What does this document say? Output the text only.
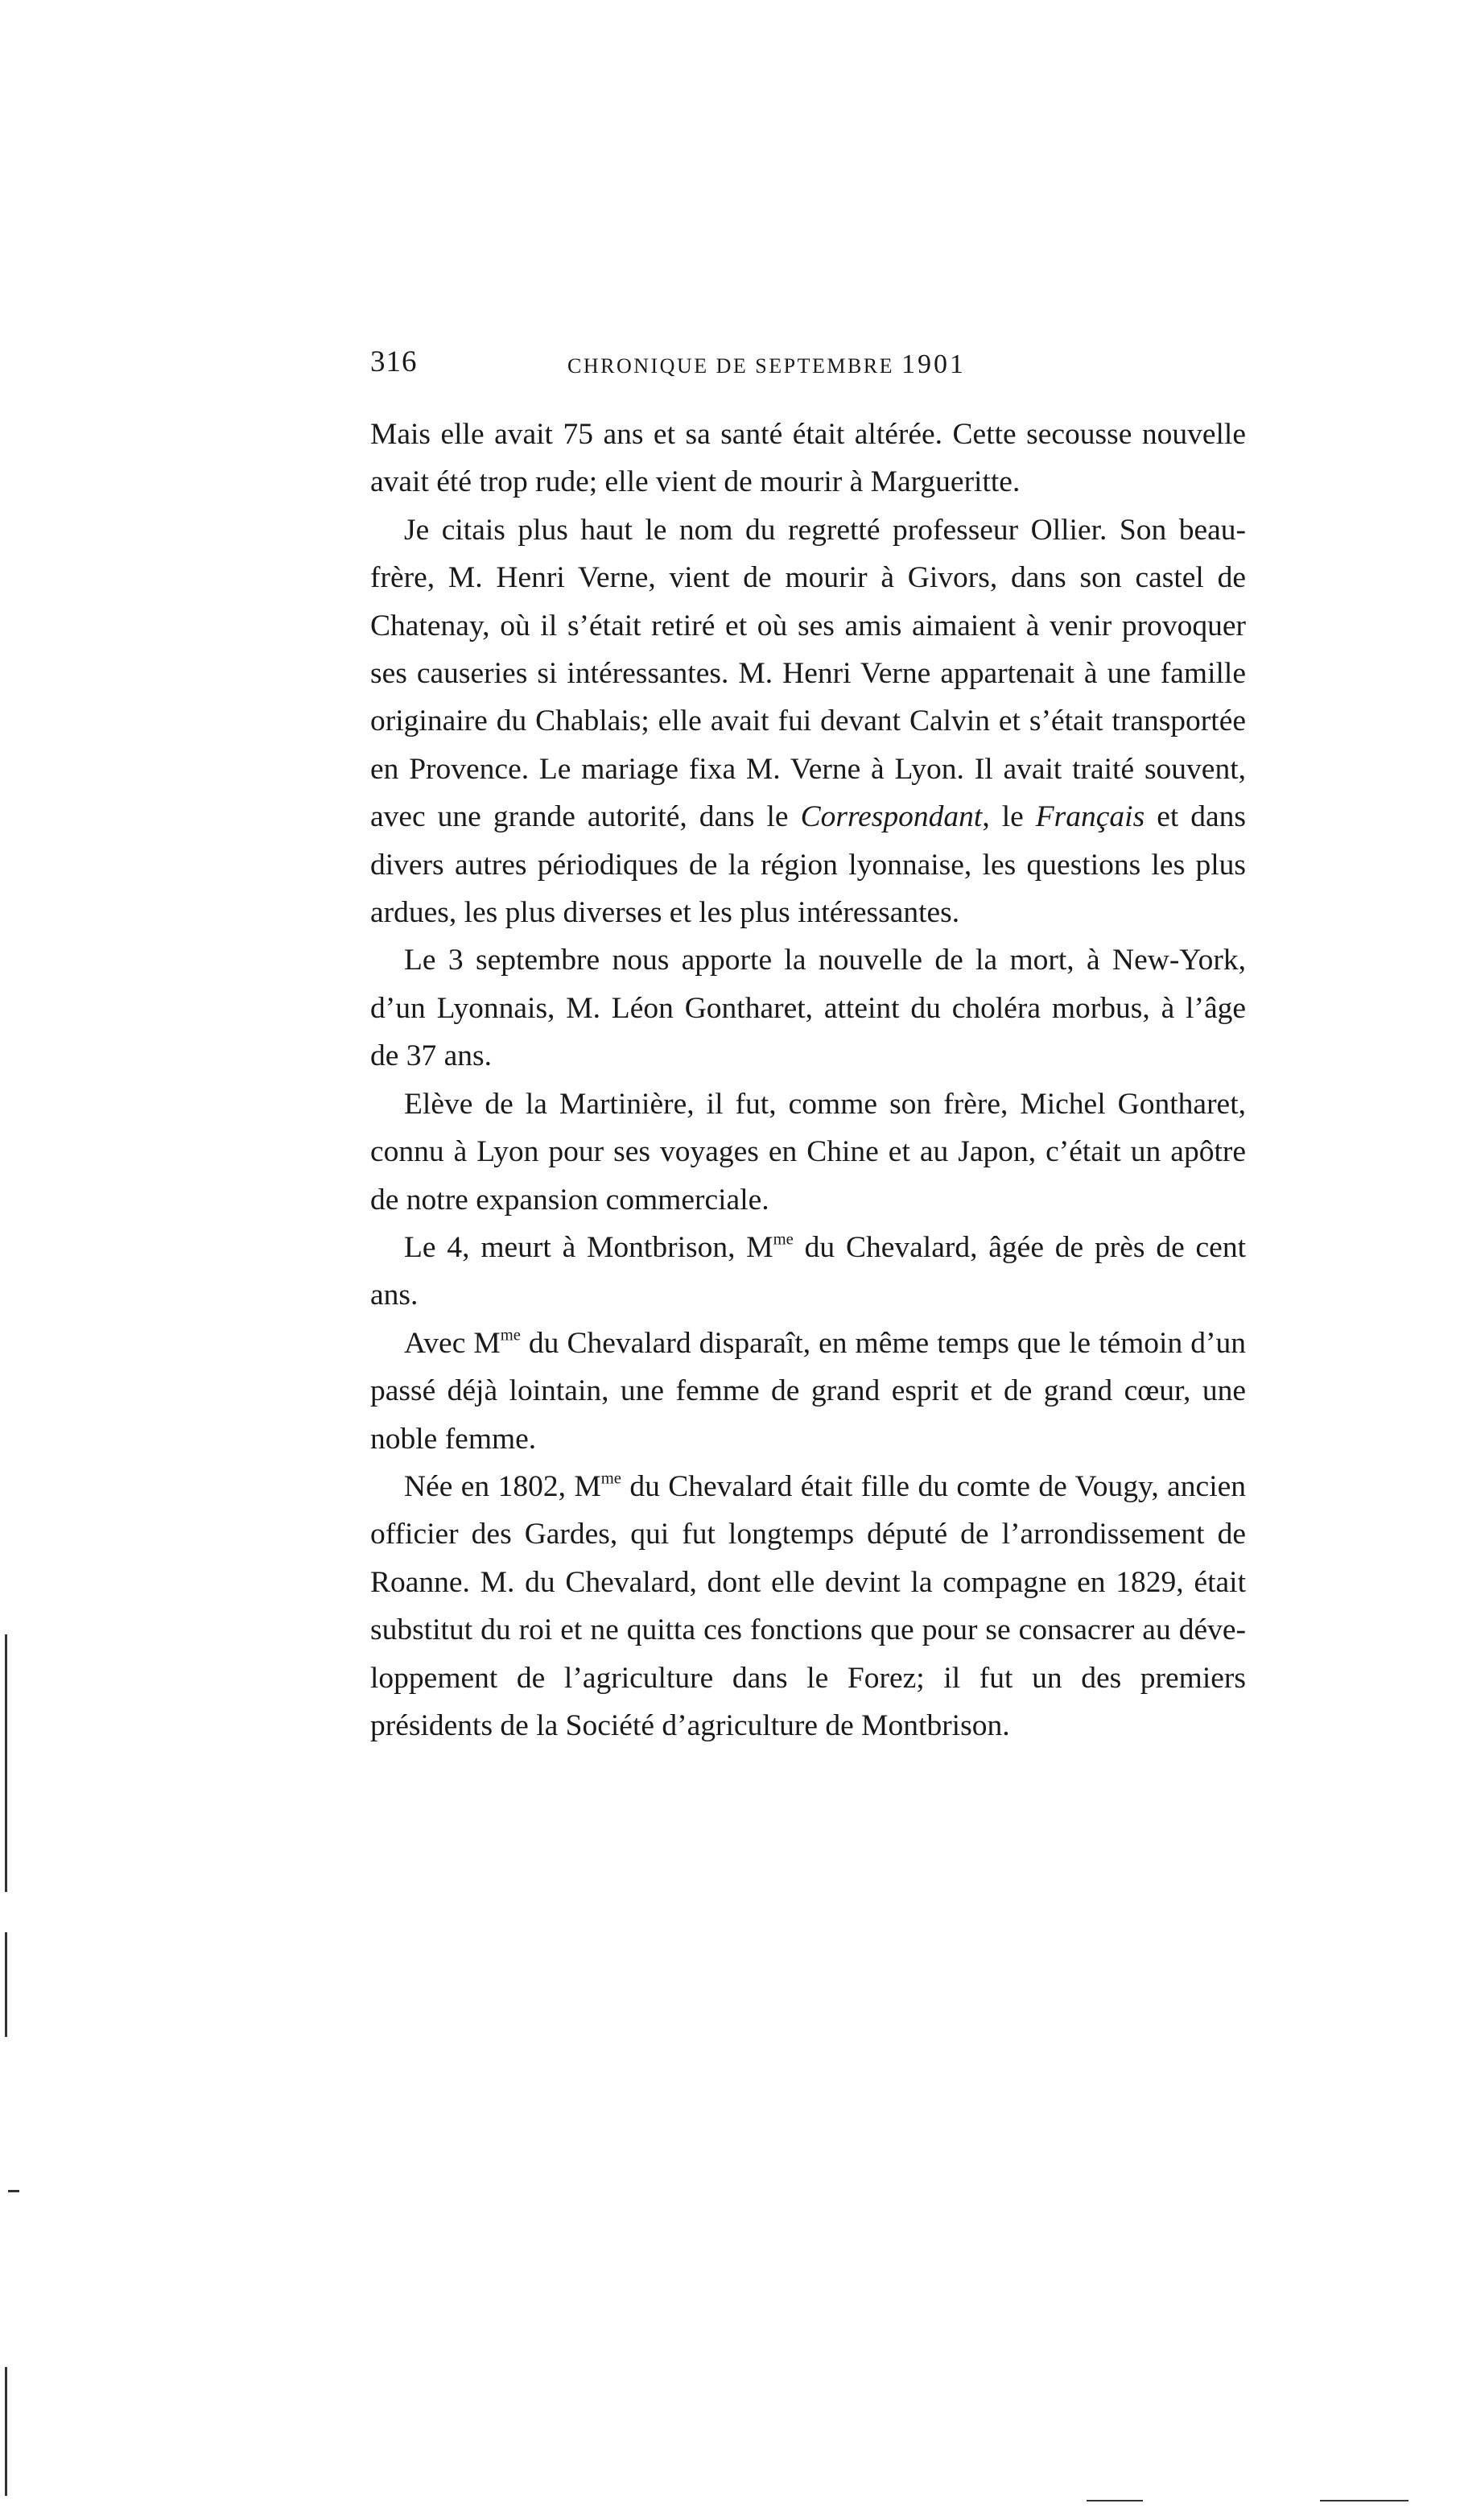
316	CHRONIQUE DE SEPTEMBRE 1901

Mais elle avait 75 ans et sa santé était altérée. Cette secousse nouvelle avait été trop rude; elle vient de mourir à Margueritte.

Je citais plus haut le nom du regretté professeur Ollier. Son beau-frère, M. Henri Verne, vient de mourir à Givors, dans son castel de Chatenay, où il s’était retiré et où ses amis aimaient à venir provoquer ses causeries si intéressantes. M. Henri Verne appartenait à une famille originaire du Chablais; elle avait fui devant Calvin et s’était transportée en Provence. Le mariage fixa M. Verne à Lyon. Il avait traité souvent, avec une grande autorité, dans le Correspondant, le Français et dans divers autres périodiques de la région lyonnaise, les questions les plus ardues, les plus diverses et les plus intéressantes.

Le 3 septembre nous apporte la nouvelle de la mort, à New-York, d’un Lyonnais, M. Léon Gontharet, atteint du choléra morbus, à l’âge de 37 ans.

Elève de la Martinière, il fut, comme son frère, Michel Gontharet, connu à Lyon pour ses voyages en Chine et au Japon, c’était un apôtre de notre expansion commerciale.

Le 4, meurt à Montbrison, $M^{me}$ du Chevalard, âgée de près de cent ans.

Avec $M^{me}$ du Chevalard disparaît, en même temps que le témoin d’un passé déjà lointain, une femme de grand esprit et de grand cœur, une noble femme.

Née en 1802, $M^{me}$ du Chevalard était fille du comte de Vougy, ancien officier des Gardes, qui fut longtemps député de l’arrondissement de Roanne. M. du Chevalard, dont elle devint la compagne en 1829, était substitut du roi et ne quitta ces fonctions que pour se consacrer au développement de l’agriculture dans le Forez; il fut un des premiers présidents de la Société d’agriculture de Montbrison.
